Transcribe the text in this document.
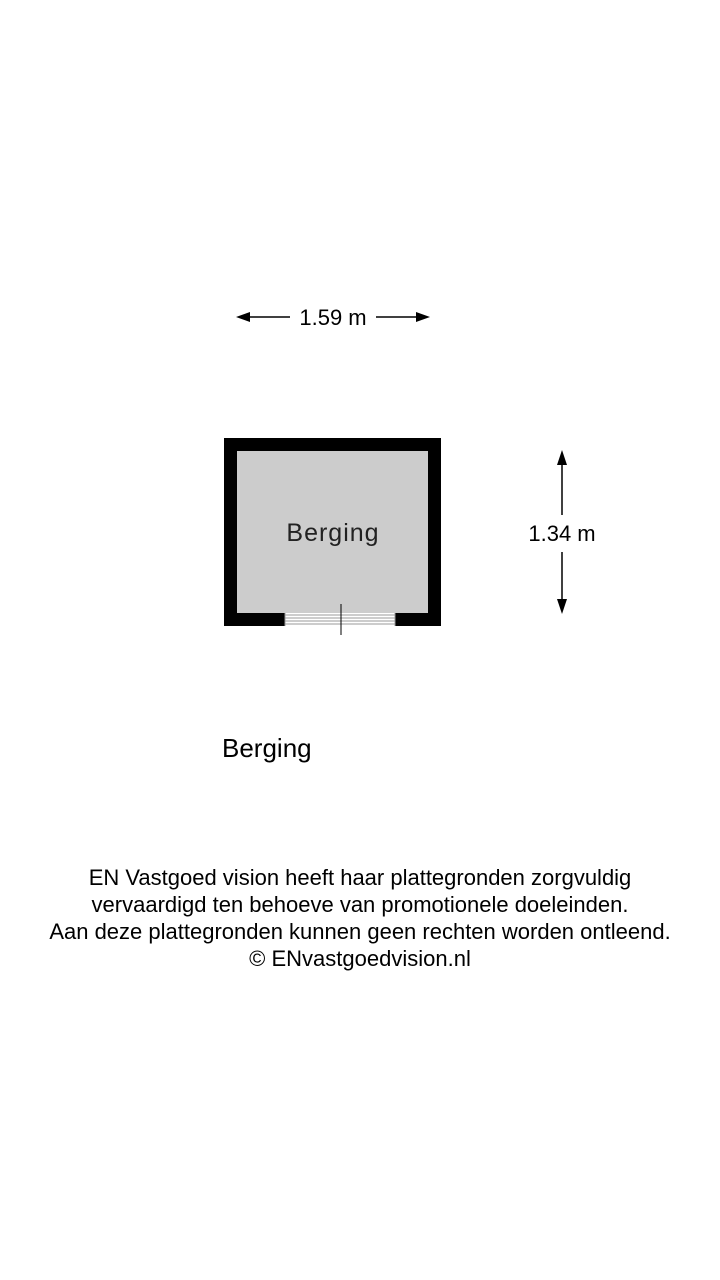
1.59 m
Berging	1.34 m
Berging
EN Vastgoed vision heeft haar plattegronden zorgvuldig
vervaardigd ten behoeve van promotionele doeleinden.
Aan deze plattegronden kunnen geen rechten worden ontleend.
© ENvastgoedvision.nl
